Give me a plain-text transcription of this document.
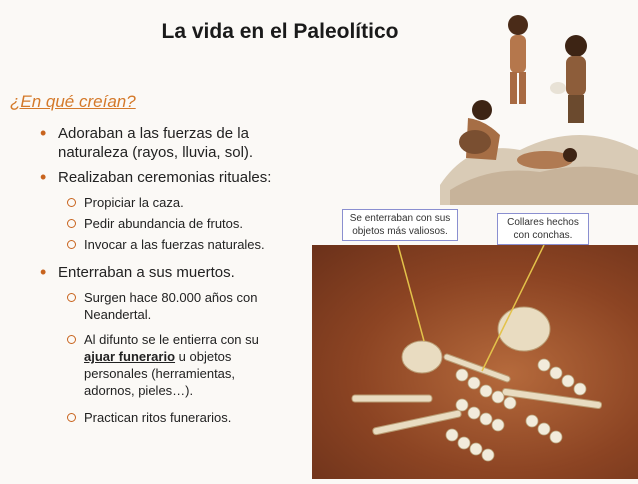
La vida en el Paleolítico
¿En qué creían?
• Adoraban a las fuerzas de la
naturaleza (rayos, lluvia, sol).
• Realizaban ceremonias rituales:
Propiciar la caza.
Pedir abundancia de frutos.
Invocar a las fuerzas naturales.
• Enterraban a sus muertos.
Surgen hace 80.000 años con
Neandertal.
Al difunto se le entierra con su
ajuar funerario u objetos
personales (herramientas,
adornos, pieles…).
Practican ritos funerarios.
Se enterraban con sus
objetos más valiosos.
Collares hechos
con conchas.
